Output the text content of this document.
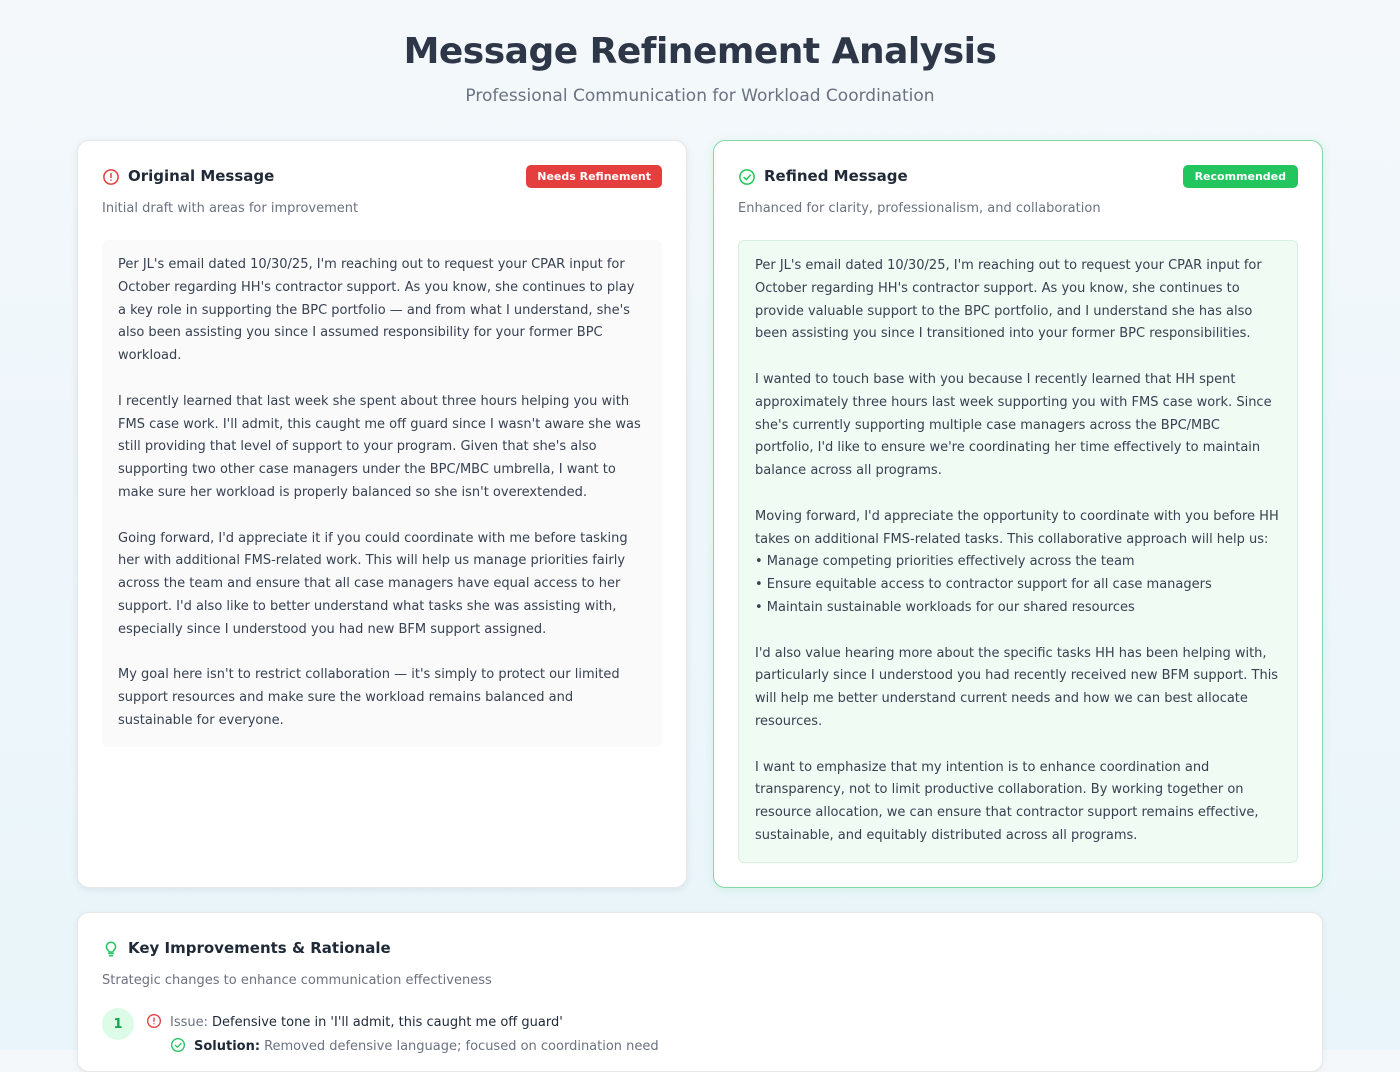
Message Refinement Analysis
Professional Communication for Workload Coordination
Original Message	Needs Refinement
Initial draft with areas for improvement

Per JL's email dated 10/30/25, I'm reaching out to request your CPAR input for October regarding HH's contractor support. As you know, she continues to play a key role in supporting the BPC portfolio — and from what I understand, she's also been assisting you since I assumed responsibility for your former BPC workload.

I recently learned that last week she spent about three hours helping you with FMS case work. I'll admit, this caught me off guard since I wasn't aware she was still providing that level of support to your program. Given that she's also supporting two other case managers under the BPC/MBC umbrella, I want to make sure her workload is properly balanced so she isn't overextended.

Going forward, I'd appreciate it if you could coordinate with me before tasking her with additional FMS-related work. This will help us manage priorities fairly across the team and ensure that all case managers have equal access to her support. I'd also like to better understand what tasks she was assisting with, especially since I understood you had new BFM support assigned.

My goal here isn't to restrict collaboration — it's simply to protect our limited support resources and make sure the workload remains balanced and sustainable for everyone.

Refined Message	Recommended
Enhanced for clarity, professionalism, and collaboration

Per JL's email dated 10/30/25, I'm reaching out to request your CPAR input for October regarding HH's contractor support. As you know, she continues to provide valuable support to the BPC portfolio, and I understand she has also been assisting you since I transitioned into your former BPC responsibilities.

I wanted to touch base with you because I recently learned that HH spent approximately three hours last week supporting you with FMS case work. Since she's currently supporting multiple case managers across the BPC/MBC portfolio, I'd like to ensure we're coordinating her time effectively to maintain balance across all programs.

Moving forward, I'd appreciate the opportunity to coordinate with you before HH takes on additional FMS-related tasks. This collaborative approach will help us:
• Manage competing priorities effectively across the team
• Ensure equitable access to contractor support for all case managers
• Maintain sustainable workloads for our shared resources

I'd also value hearing more about the specific tasks HH has been helping with, particularly since I understood you had recently received new BFM support. This will help me better understand current needs and how we can best allocate resources.

I want to emphasize that my intention is to enhance coordination and transparency, not to limit productive collaboration. By working together on resource allocation, we can ensure that contractor support remains effective, sustainable, and equitably distributed across all programs.

Key Improvements & Rationale
Strategic changes to enhance communication effectiveness
1	Issue: Defensive tone in 'I'll admit, this caught me off guard'
Solution: Removed defensive language; focused on coordination need
